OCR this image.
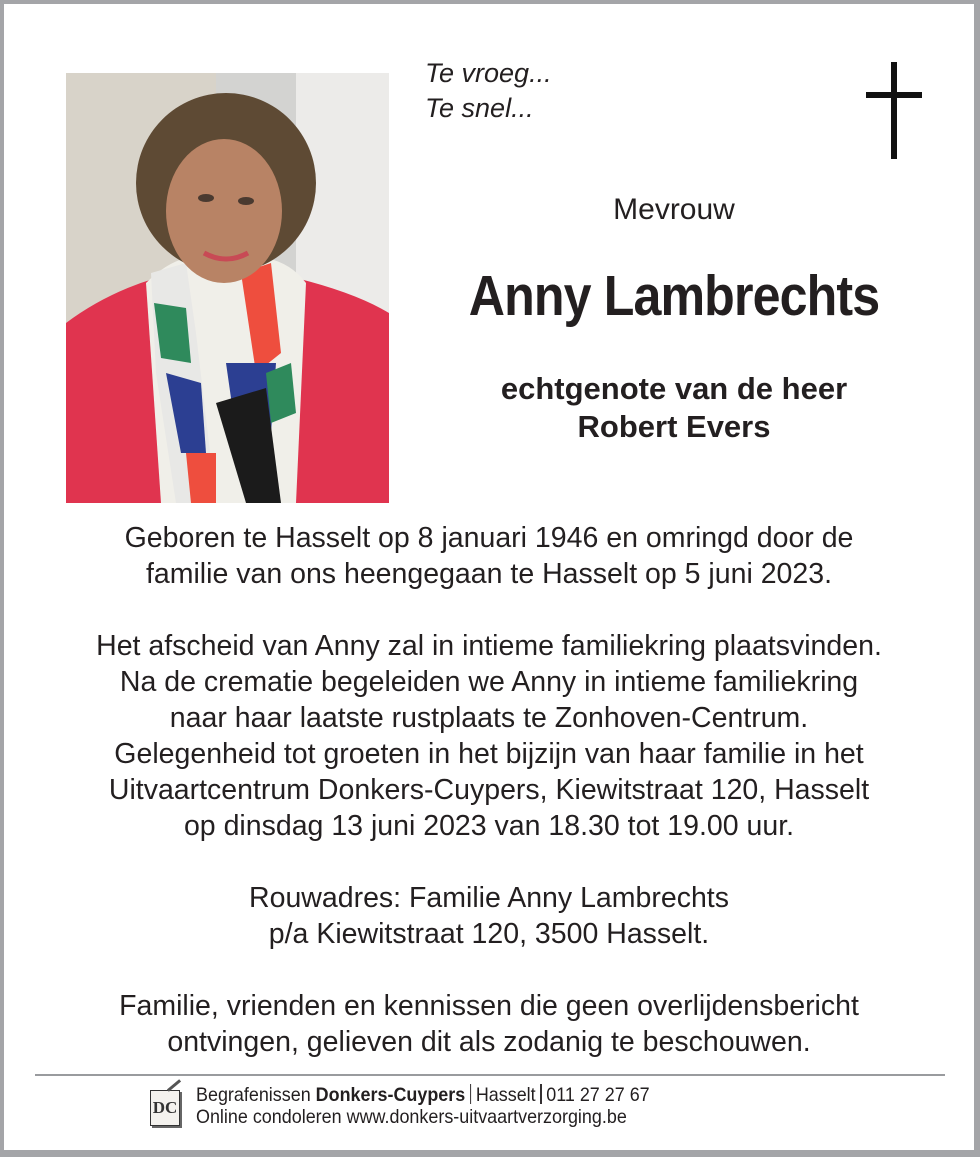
Te vroeg...
Te snel...
Mevrouw
Anny Lambrechts
echtgenote van de heer
Robert Evers
Geboren te Hasselt op 8 januari 1946 en omringd door de
familie van ons heengegaan te Hasselt op 5 juni 2023.
Het afscheid van Anny zal in intieme familiekring plaatsvinden.
Na de crematie begeleiden we Anny in intieme familiekring
naar haar laatste rustplaats te Zonhoven-Centrum.
Gelegenheid tot groeten in het bijzijn van haar familie in het
Uitvaartcentrum Donkers-Cuypers, Kiewitstraat 120, Hasselt
op dinsdag 13 juni 2023 van 18.30 tot 19.00 uur.
Rouwadres: Familie Anny Lambrechts
p/a Kiewitstraat 120, 3500 Hasselt.
Familie, vrienden en kennissen die geen overlijdensbericht
ontvingen, gelieven dit als zodanig te beschouwen.
DC
Begrafenissen Donkers-Cuypers Hasselt 011 27 27 67
Online condoleren www.donkers-uitvaartverzorging.be
